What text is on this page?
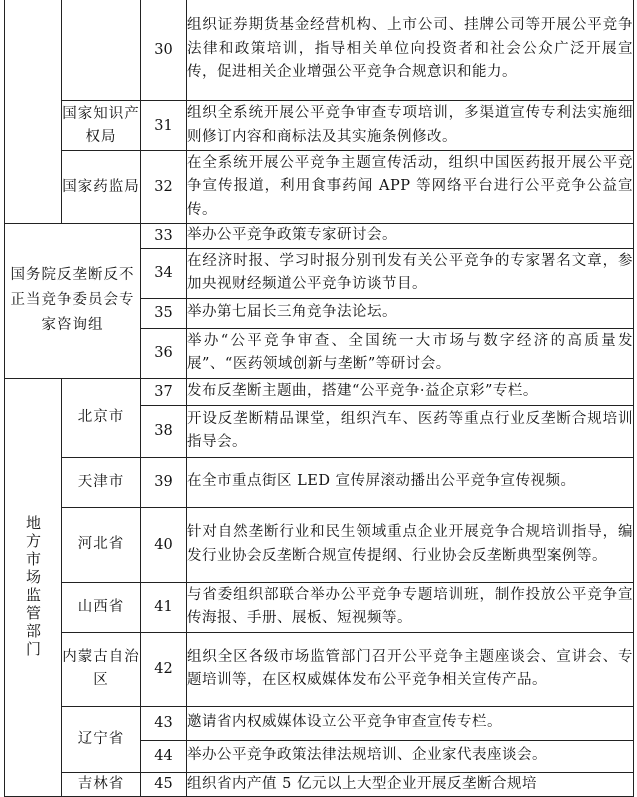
		30	组织证券期货基金经营机构、上市公司、挂牌公司等开展公平竞争法律和政策培训，指导相关单位向投资者和社会公众广泛开展宣传，促进相关企业增强公平竞争合规意识和能力。
	国家知识产权局	31	组织全系统开展公平竞争审查专项培训，多渠道宣传专利法实施细则修订内容和商标法及其实施条例修改。
	国家药监局	32	在全系统开展公平竞争主题宣传活动，组织中国医药报开展公平竞争宣传报道，利用食事药闻 APP 等网络平台进行公平竞争公益宣传。
国务院反垄断反不正当竞争委员会专家咨询组		33	举办公平竞争政策专家研讨会。
		34	在经济时报、学习时报分别刊发有关公平竞争的专家署名文章，参加央视财经频道公平竞争访谈节目。
		35	举办第七届长三角竞争法论坛。
		36	举办“公平竞争审查、全国统一大市场与数字经济的高质量发展”、“医药领域创新与垄断”等研讨会。
地方市场监管部门	北京市	37	发布反垄断主题曲，搭建“公平竞争·益企京彩”专栏。
		38	开设反垄断精品课堂，组织汽车、医药等重点行业反垄断合规培训指导会。
	天津市	39	在全市重点街区 LED 宣传屏滚动播出公平竞争宣传视频。
	河北省	40	针对自然垄断行业和民生领域重点企业开展竞争合规培训指导，编发行业协会反垄断合规宣传提纲、行业协会反垄断典型案例等。
	山西省	41	与省委组织部联合举办公平竞争专题培训班，制作投放公平竞争宣传海报、手册、展板、短视频等。
	内蒙古自治区	42	组织全区各级市场监管部门召开公平竞争主题座谈会、宣讲会、专题培训等，在区权威媒体发布公平竞争相关宣传产品。
	辽宁省	43	邀请省内权威媒体设立公平竞争审查宣传专栏。
		44	举办公平竞争政策法律法规培训、企业家代表座谈会。
	吉林省	45	组织省内产值 5 亿元以上大型企业开展反垄断合规培
